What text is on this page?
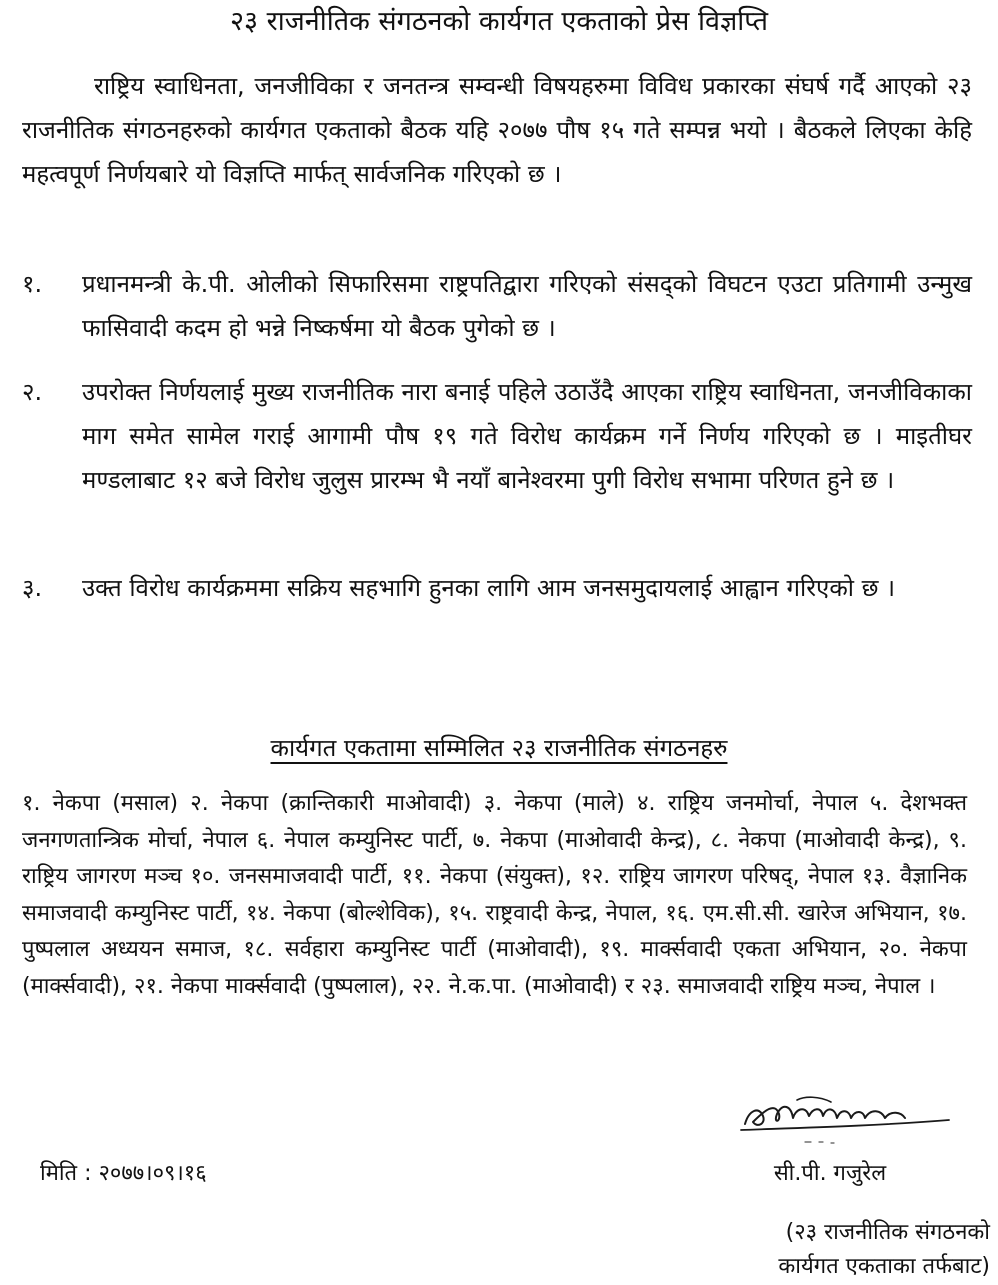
२३ राजनीतिक संगठनको कार्यगत एकताको प्रेस विज्ञप्ति
राष्ट्रिय स्वाधिनता, जनजीविका र जनतन्त्र सम्वन्धी विषयहरुमा विविध प्रकारका संघर्ष गर्दै आएको २३ राजनीतिक संगठनहरुको कार्यगत एकताको बैठक यहि २०७७ पौष १५ गते सम्पन्न भयो । बैठकले लिएका केहि महत्वपूर्ण निर्णयबारे यो विज्ञप्ति मार्फत् सार्वजनिक गरिएको छ ।
१.	प्रधानमन्त्री के.पी. ओलीको सिफारिसमा राष्ट्रपतिद्वारा गरिएको संसद्को विघटन एउटा प्रतिगामी उन्मुख फासिवादी कदम हो भन्ने निष्कर्षमा यो बैठक पुगेको छ ।
२.	उपरोक्त निर्णयलाई मुख्य राजनीतिक नारा बनाई पहिले उठाउँदै आएका राष्ट्रिय स्वाधिनता, जनजीविकाका माग समेत सामेल गराई आगामी पौष १९ गते विरोध कार्यक्रम गर्ने निर्णय गरिएको छ । माइतीघर मण्डलाबाट १२ बजे विरोध जुलुस प्रारम्भ भै नयाँ बानेश्वरमा पुगी विरोध सभामा परिणत हुने छ ।
३.	उक्त विरोध कार्यक्रममा सक्रिय सहभागि हुनका लागि आम जनसमुदायलाई आह्वान गरिएको छ ।
कार्यगत एकतामा सम्मिलित २३ राजनीतिक संगठनहरु
१. नेकपा (मसाल) २. नेकपा (क्रान्तिकारी माओवादी) ३. नेकपा (माले) ४. राष्ट्रिय जनमोर्चा, नेपाल ५. देशभक्त जनगणतान्त्रिक मोर्चा, नेपाल ६. नेपाल कम्युनिस्ट पार्टी, ७. नेकपा (माओवादी केन्द्र), ८. नेकपा (माओवादी केन्द्र), ९. राष्ट्रिय जागरण मञ्च १०. जनसमाजवादी पार्टी, ११. नेकपा (संयुक्त), १२. राष्ट्रिय जागरण परिषद्, नेपाल १३. वैज्ञानिक समाजवादी कम्युनिस्ट पार्टी, १४. नेकपा (बोल्शेविक), १५. राष्ट्रवादी केन्द्र, नेपाल, १६. एम.सी.सी. खारेज अभियान, १७. पुष्पलाल अध्ययन समाज, १८. सर्वहारा कम्युनिस्ट पार्टी (माओवादी), १९. मार्क्सवादी एकता अभियान, २०. नेकपा (मार्क्सवादी), २१. नेकपा मार्क्सवादी (पुष्पलाल), २२. ने.क.पा. (माओवादी) र २३. समाजवादी राष्ट्रिय मञ्च, नेपाल ।
मिति : २०७७।०९।१६	सी.पी. गजुरेल
(२३ राजनीतिक संगठनको
कार्यगत एकताका तर्फबाट)
